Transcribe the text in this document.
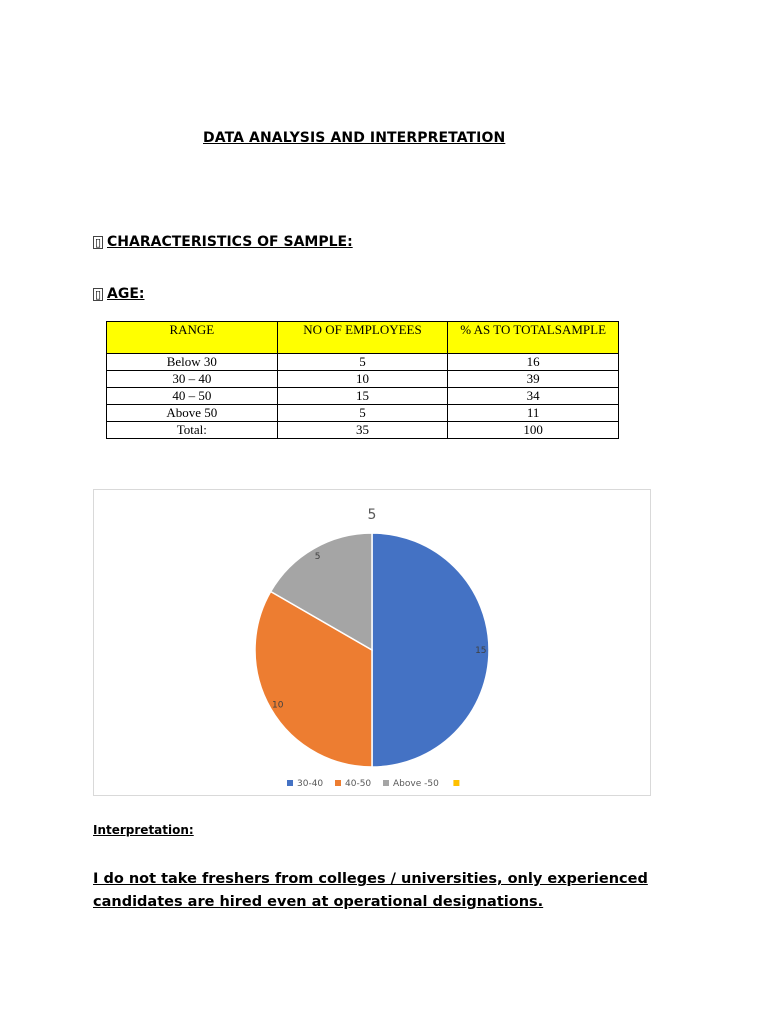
DATA ANALYSIS AND INTERPRETATION
▯ CHARACTERISTICS OF SAMPLE:
▯ AGE:
RANGE	NO OF EMPLOYEES	% AS TO TOTALSAMPLE
Below 30	5	16
30 – 40	10	39
40 – 50	15	34
Above 50	5	11
Total:	35	100
5
15
10
5
30-40 40-50 Above -50
Interpretation:
I do not take freshers from colleges / universities, only experienced candidates are hired even at operational designations.
